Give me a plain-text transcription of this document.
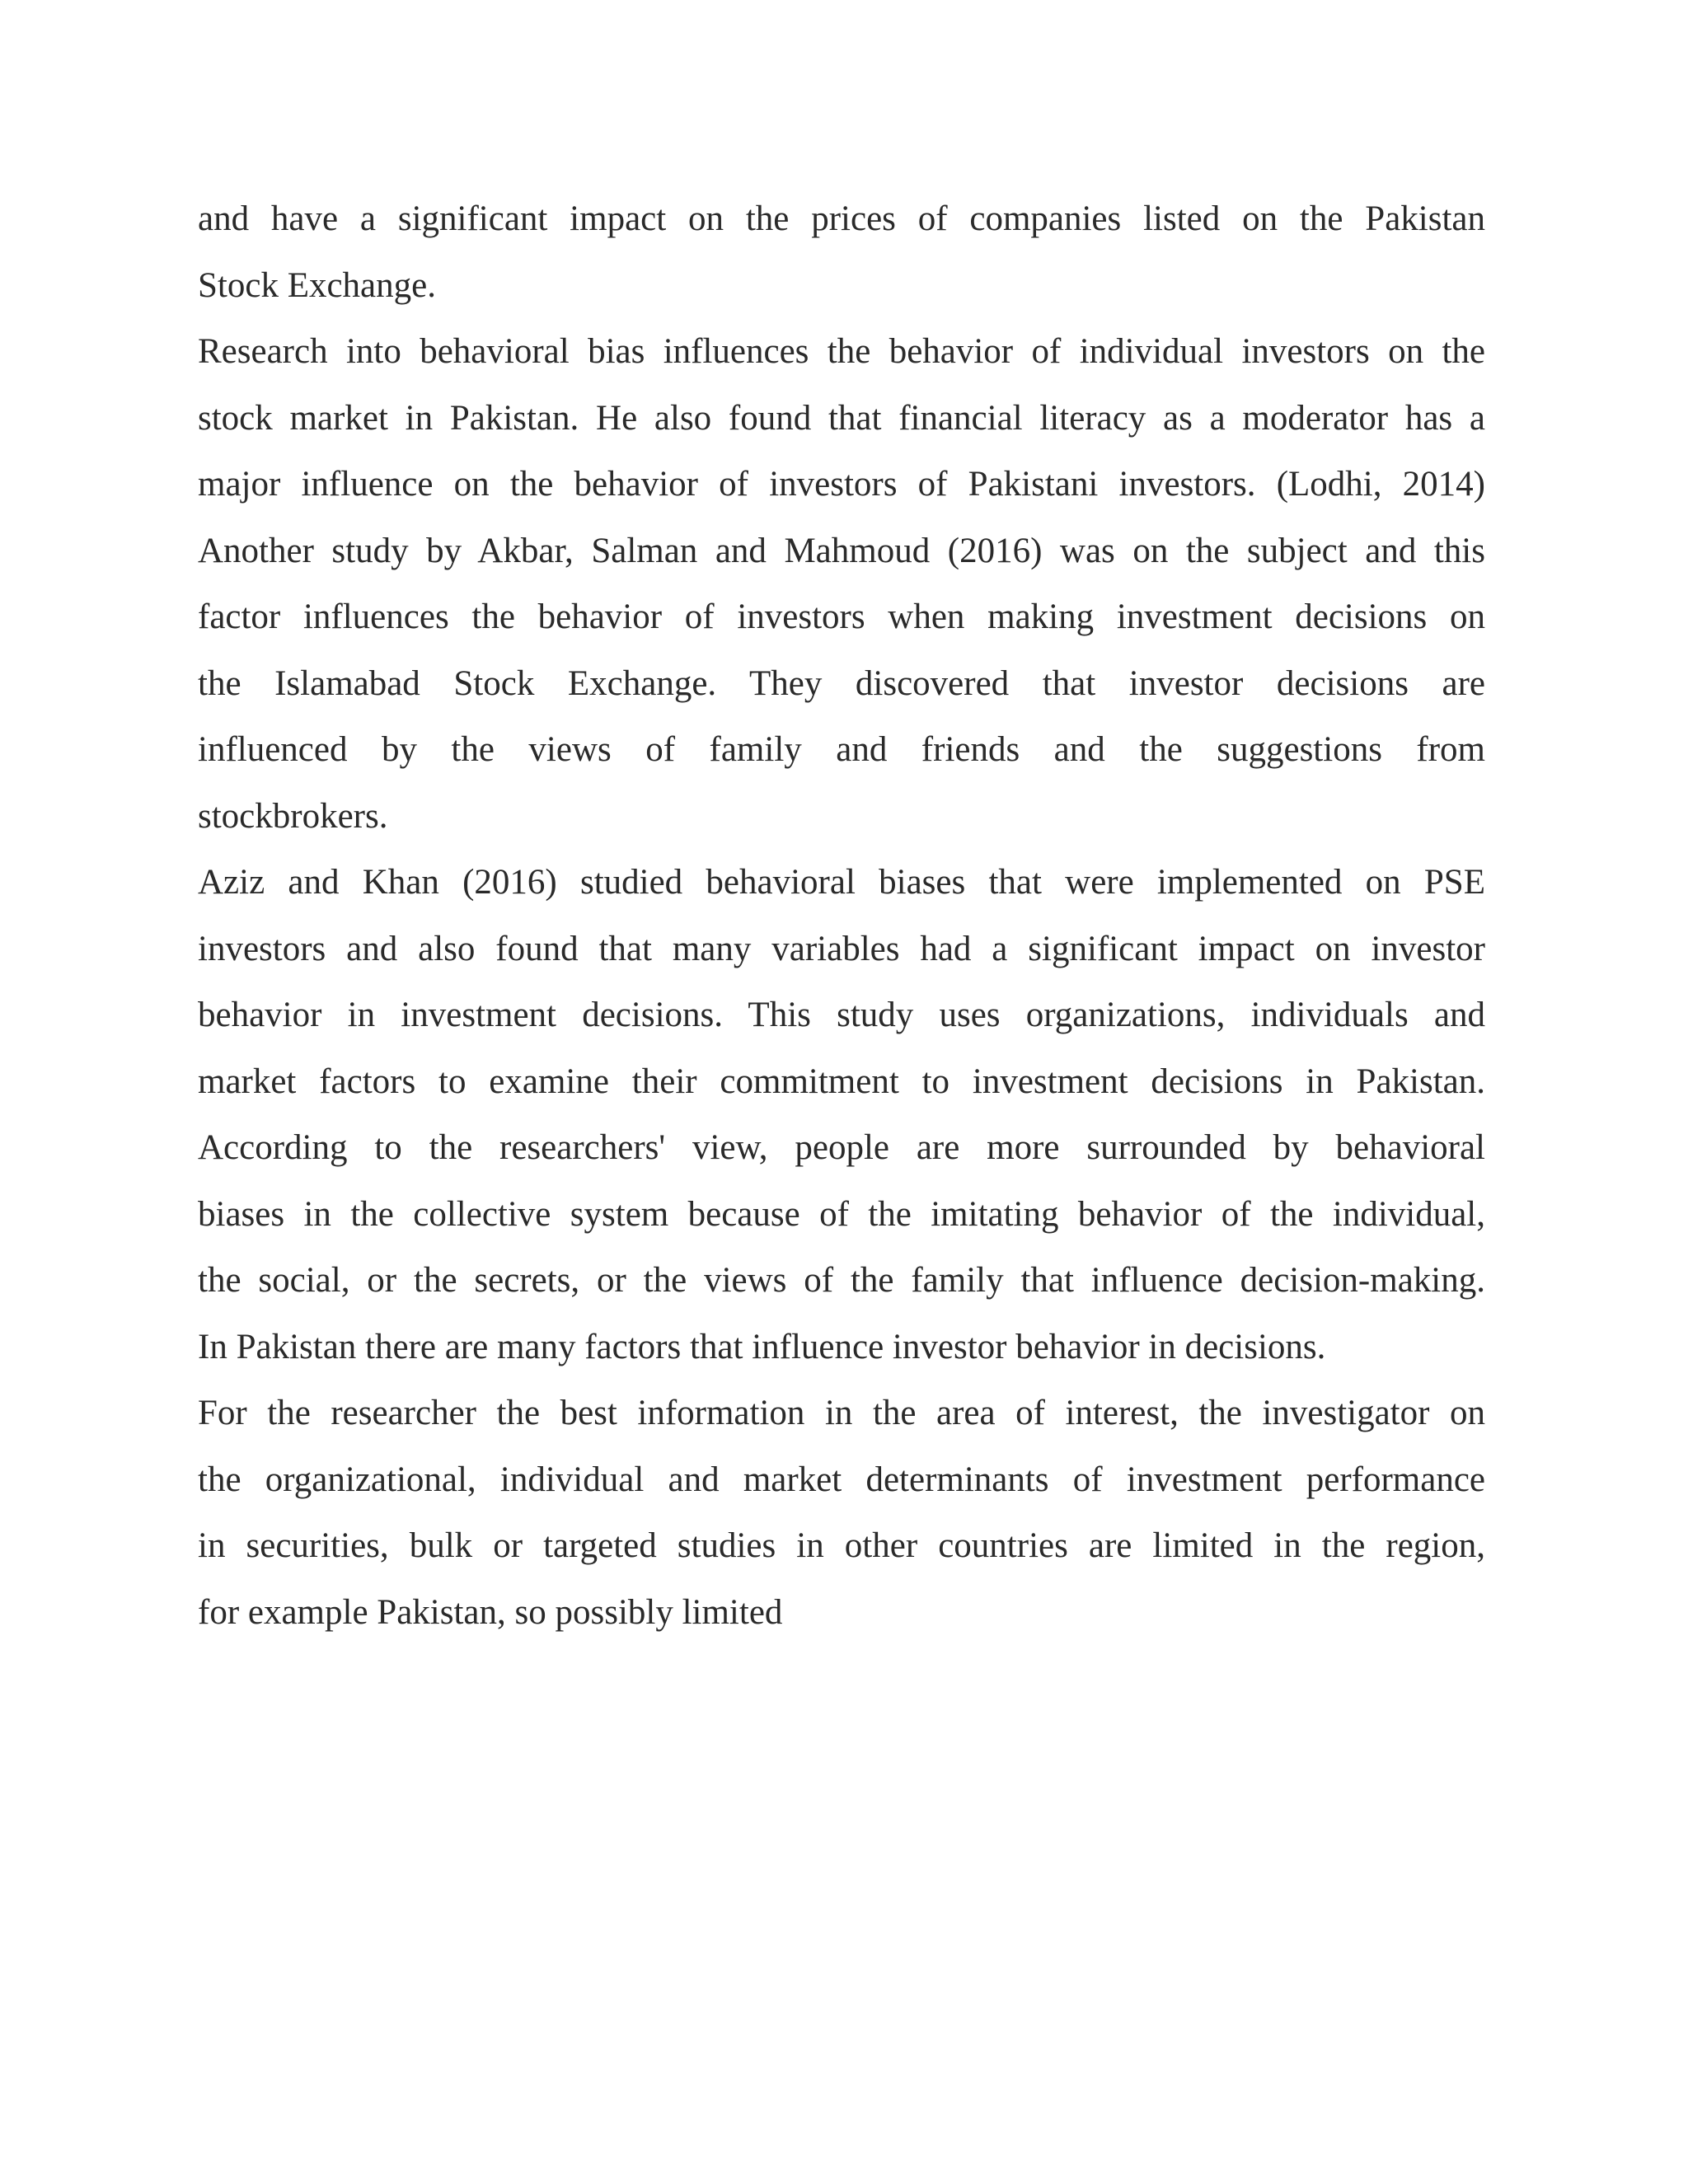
and have a significant impact on the prices of companies listed on the Pakistan
Stock Exchange.
Research into behavioral bias influences the behavior of individual investors on the
stock market in Pakistan. He also found that financial literacy as a moderator has a
major influence on the behavior of investors of Pakistani investors. (Lodhi, 2014)
Another study by Akbar, Salman and Mahmoud (2016) was on the subject and this
factor influences the behavior of investors when making investment decisions on
the Islamabad Stock Exchange. They discovered that investor decisions are
influenced by the views of family and friends and the suggestions from
stockbrokers.
Aziz and Khan (2016) studied behavioral biases that were implemented on PSE
investors and also found that many variables had a significant impact on investor
behavior in investment decisions. This study uses organizations, individuals and
market factors to examine their commitment to investment decisions in Pakistan.
According to the researchers' view, people are more surrounded by behavioral
biases in the collective system because of the imitating behavior of the individual,
the social, or the secrets, or the views of the family that influence decision-making.
In Pakistan there are many factors that influence investor behavior in decisions.
For the researcher the best information in the area of interest, the investigator on
the organizational, individual and market determinants of investment performance
in securities, bulk or targeted studies in other countries are limited in the region,
for example Pakistan, so possibly limited
